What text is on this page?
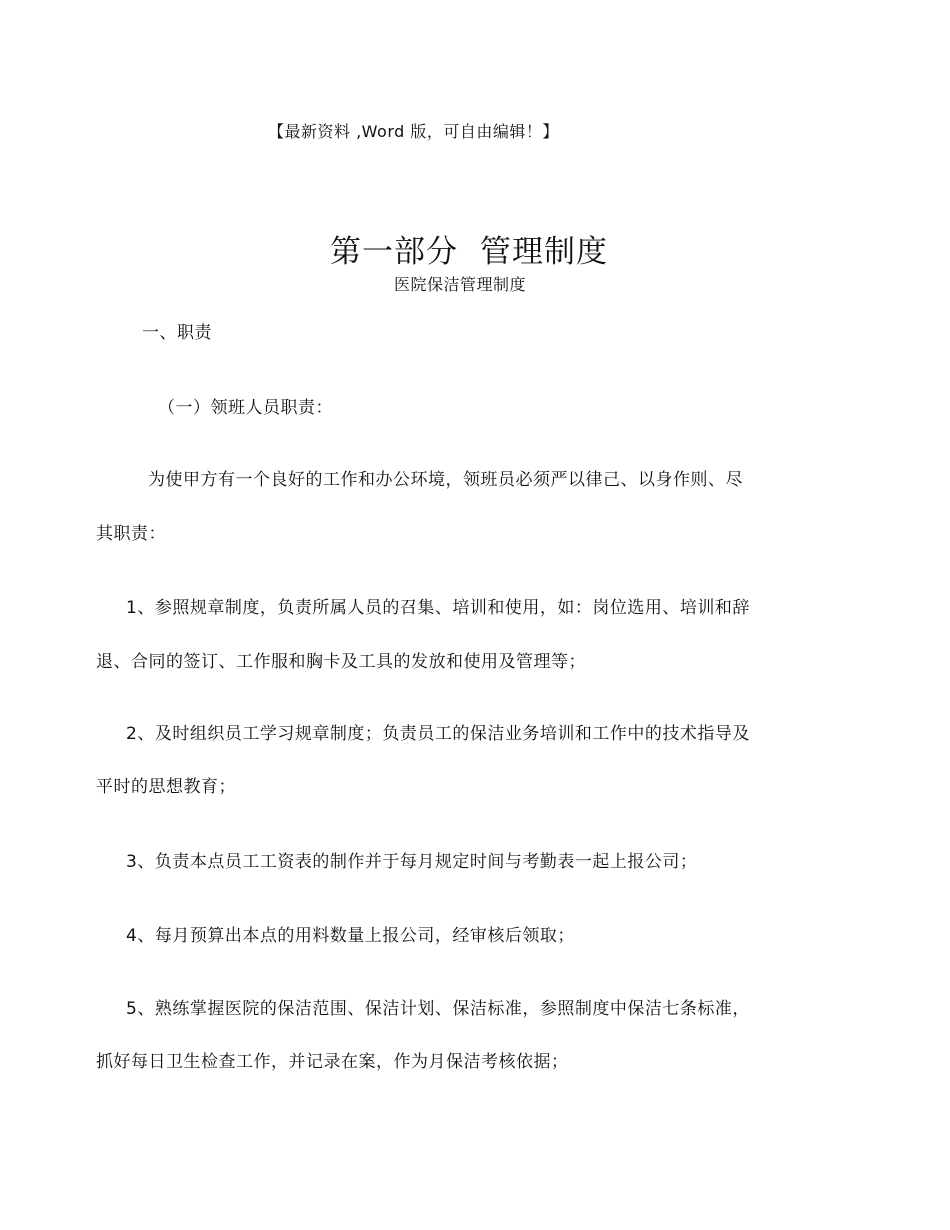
【最新资料 ,Word 版，可自由编辑！】
第一部分 管理制度
医院保洁管理制度
一、职责
（一）领班人员职责：
为使甲方有一个良好的工作和办公环境，领班员必须严以律己、以身作则、尽
其职责：
1、参照规章制度，负责所属人员的召集、培训和使用，如：岗位选用、培训和辞
退、合同的签订、工作服和胸卡及工具的发放和使用及管理等；
2、及时组织员工学习规章制度；负责员工的保洁业务培训和工作中的技术指导及
平时的思想教育；
3、负责本点员工工资表的制作并于每月规定时间与考勤表一起上报公司；
4、每月预算出本点的用料数量上报公司，经审核后领取；
5、熟练掌握医院的保洁范围、保洁计划、保洁标准，参照制度中保洁七条标准，
抓好每日卫生检查工作，并记录在案，作为月保洁考核依据；
